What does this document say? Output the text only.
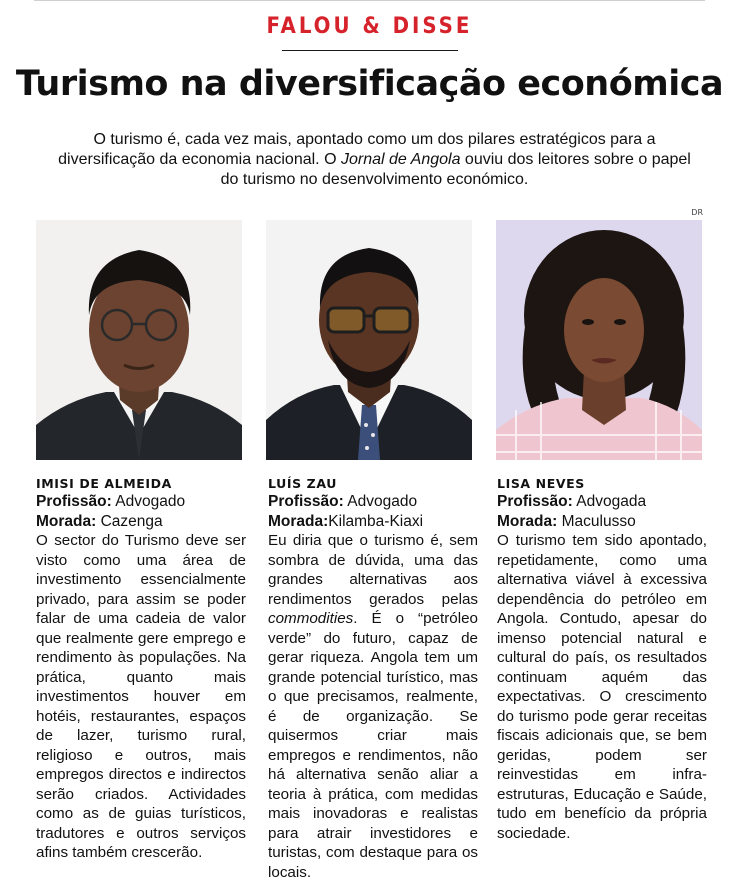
FALOU & DISSE
Turismo na diversificação económica

O turismo é, cada vez mais, apontado como um dos pilares estratégicos para a diversificação da economia nacional. O Jornal de Angola ouviu dos leitores sobre o papel do turismo no desenvolvimento económico.

DR
IMISI DE ALMEIDA
Profissão: Advogado
Morada: Cazenga

O sector do Turismo deve ser visto como uma área de investimento essencialmente privado, para assim se poder falar de uma cadeia de valor que realmente gere emprego e rendimento às populações. Na prática, quanto mais investimentos houver em hotéis, restaurantes, espaços de lazer, turismo rural, religioso e outros, mais empregos directos e indirectos serão criados. Actividades como as de guias turísticos, tradutores e outros serviços afins também crescerão.

LUÍS ZAU
Profissão: Advogado
Morada:Kilamba-Kiaxi

Eu diria que o turismo é, sem sombra de dúvida, uma das grandes alternativas aos rendimentos gerados pelas commodities. É o “petróleo verde” do futuro, capaz de gerar riqueza. Angola tem um grande potencial turístico, mas o que precisamos, realmente, é de organização. Se quisermos criar mais empregos e rendimentos, não há alternativa senão aliar a teoria à prática, com medidas mais inovadoras e realistas para atrair investidores e turistas, com destaque para os locais.

LISA NEVES
Profissão: Advogada
Morada: Maculusso

O turismo tem sido apontado, repetidamente, como uma alternativa viável à excessiva dependência do petróleo em Angola. Contudo, apesar do imenso potencial natural e cultural do país, os resultados continuam aquém das expectativas. O crescimento do turismo pode gerar receitas fiscais adicionais que, se bem geridas, podem ser reinvestidas em infra-estruturas, Educação e Saúde, tudo em benefício da própria sociedade.
